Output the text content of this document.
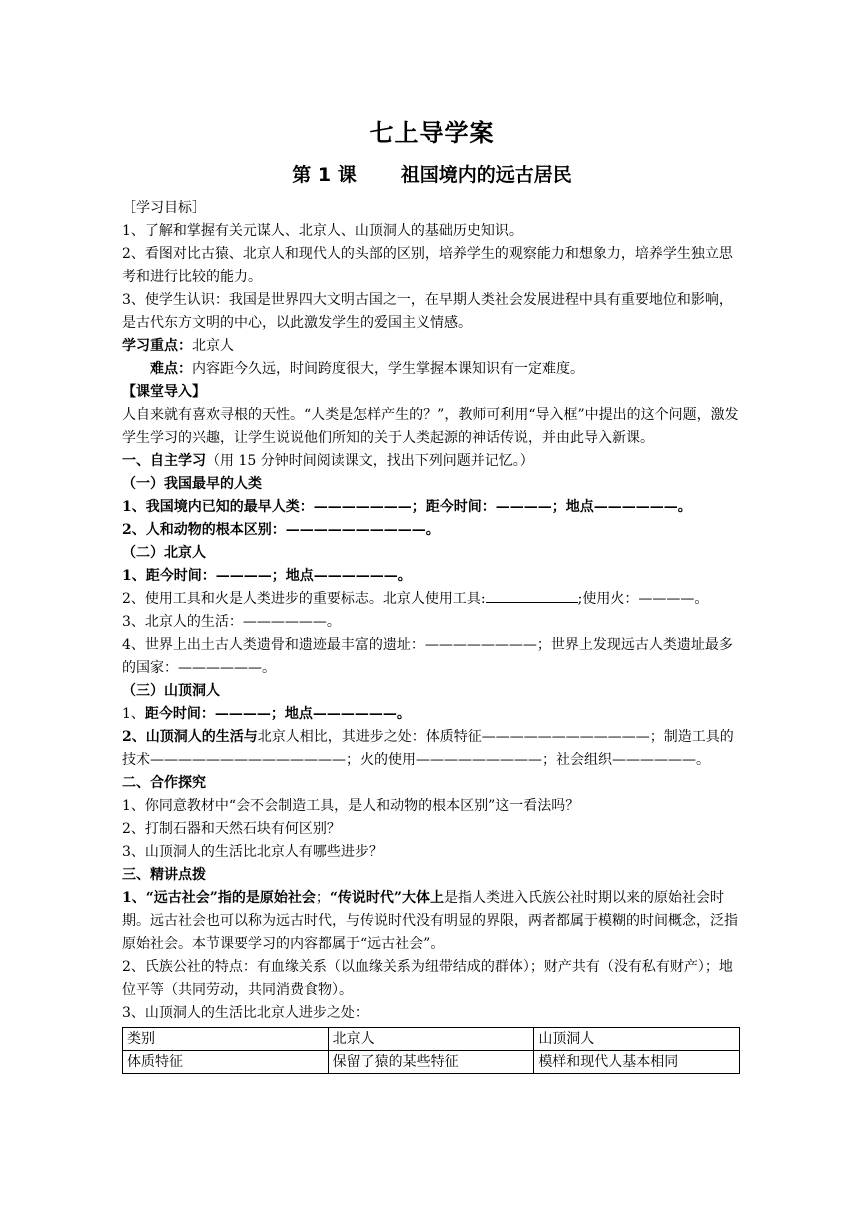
七上导学案
第 1 课 祖国境内的远古居民

［学习目标］

1、了解和掌握有关元谋人、北京人、山顶洞人的基础历史知识。

2、看图对比古猿、北京人和现代人的头部的区别，培养学生的观察能力和想象力，培养学生独立思考和进行比较的能力。

3、使学生认识：我国是世界四大文明古国之一，在早期人类社会发展进程中具有重要地位和影响，是古代东方文明的中心，以此激发学生的爱国主义情感。

学习重点：北京人

难点：内容距今久远，时间跨度很大，学生掌握本课知识有一定难度。

【课堂导入】

人自来就有喜欢寻根的天性。“人类是怎样产生的？”，教师可利用“导入框”中提出的这个问题，激发学生学习的兴趣，让学生说说他们所知的关于人类起源的神话传说，并由此导入新课。

一、自主学习（用 15 分钟时间阅读课文，找出下列问题并记忆。）

（一）我国最早的人类

1、我国境内已知的最早人类：———————；距今时间：————；地点——————。

2、人和动物的根本区别：——————————。

（二）北京人

1、距今时间：————；地点——————。

2、使用工具和火是人类进步的重要标志。北京人使用工具:	;使用火：————。

3、北京人的生活：——————。

4、世界上出土古人类遗骨和遗迹最丰富的遗址：————————；世界上发现远古人类遗址最多的国家：——————。

（三）山顶洞人

1、距今时间：————；地点——————。

2、山顶洞人的生活与北京人相比，其进步之处：体质特征————————————；制造工具的技术——————————————；火的使用—————————；社会组织——————。

二、合作探究

1、你同意教材中“会不会制造工具，是人和动物的根本区别”这一看法吗？

2、打制石器和天然石块有何区别？

3、山顶洞人的生活比北京人有哪些进步？

三、精讲点拨

1、“远古社会”指的是原始社会；“传说时代”大体上是指人类进入氏族公社时期以来的原始社会时期。远古社会也可以称为远古时代，与传说时代没有明显的界限，两者都属于模糊的时间概念，泛指原始社会。本节课要学习的内容都属于“远古社会”。

2、氏族公社的特点：有血缘关系（以血缘关系为纽带结成的群体）；财产共有（没有私有财产）；地位平等（共同劳动，共同消费食物）。

3、山顶洞人的生活比北京人进步之处：

类别	北京人	山顶洞人
体质特征	保留了猿的某些特征	模样和现代人基本相同
